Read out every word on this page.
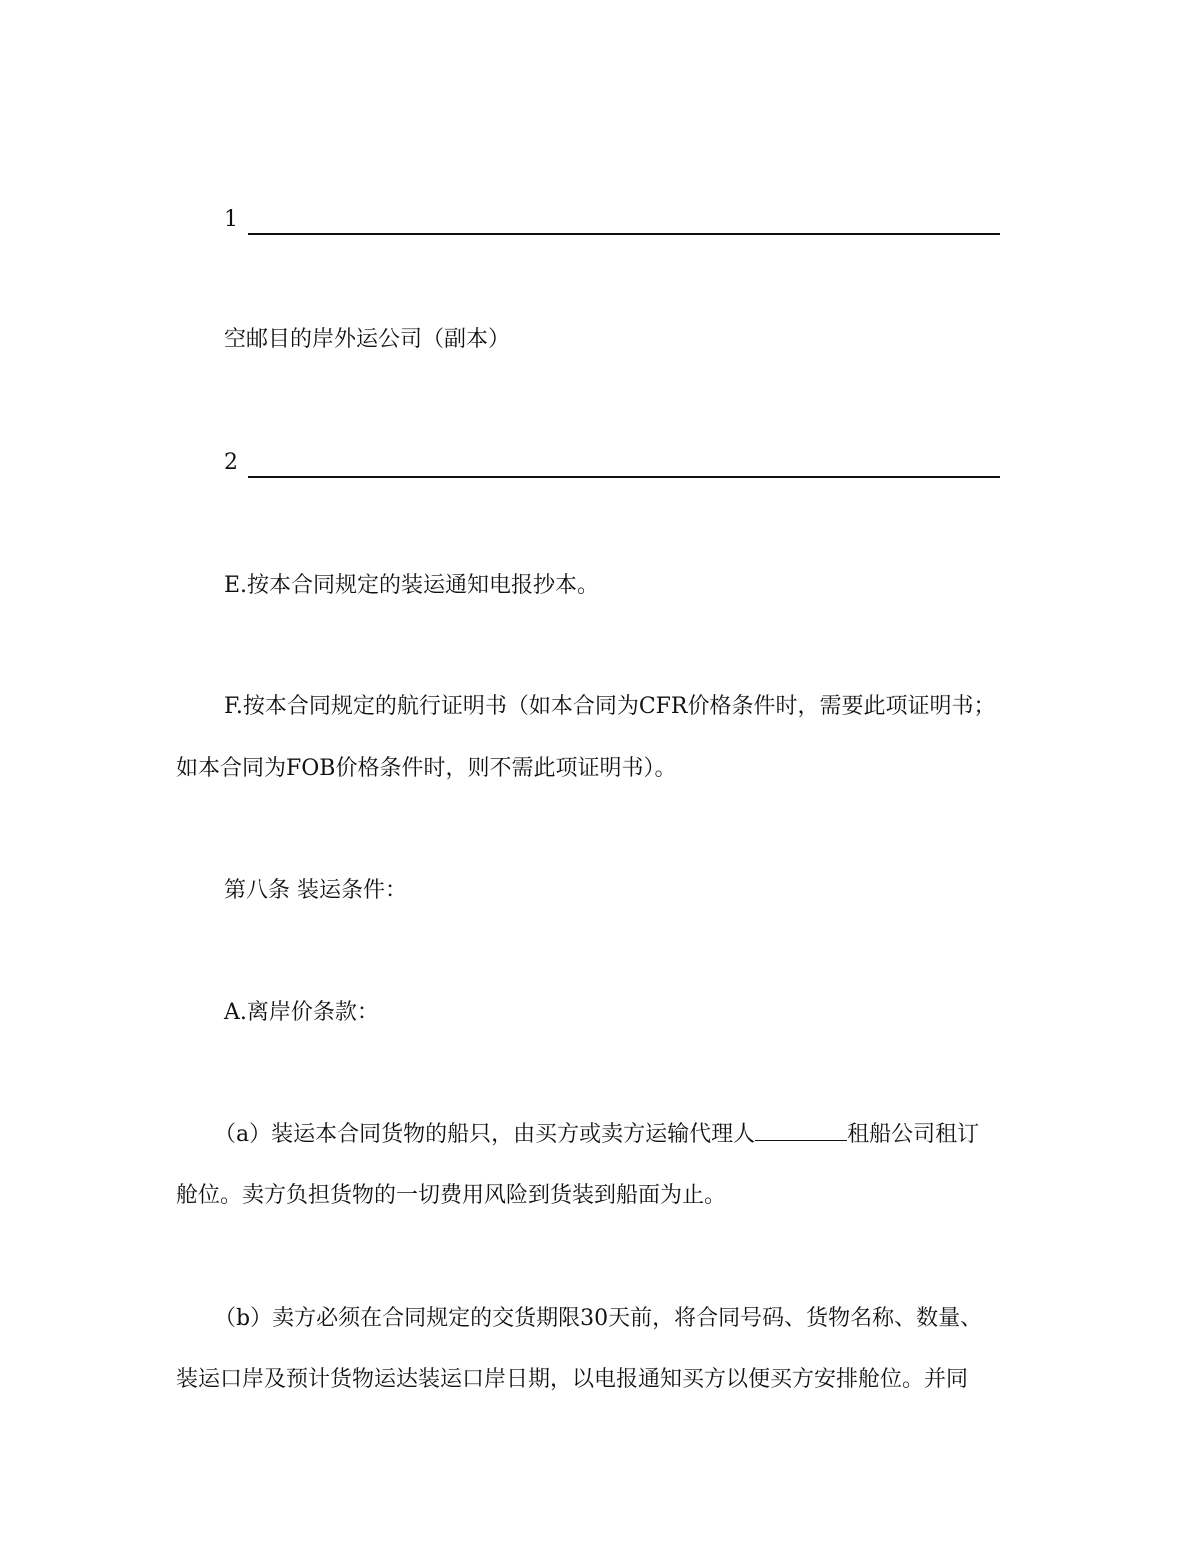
1
空邮目的岸外运公司（副本）
2
E.按本合同规定的装运通知电报抄本。
F.按本合同规定的航行证明书（如本合同为CFR价格条件时，需要此项证明书；
如本合同为FOB价格条件时，则不需此项证明书）。
第八条 装运条件：
A.离岸价条款：
（a）装运本合同货物的船只，由买方或卖方运输代理人	租船公司租订
舱位。卖方负担货物的一切费用风险到货装到船面为止。
（b）卖方必须在合同规定的交货期限30天前，将合同号码、货物名称、数量、
装运口岸及预计货物运达装运口岸日期，以电报通知买方以便买方安排舱位。并同
